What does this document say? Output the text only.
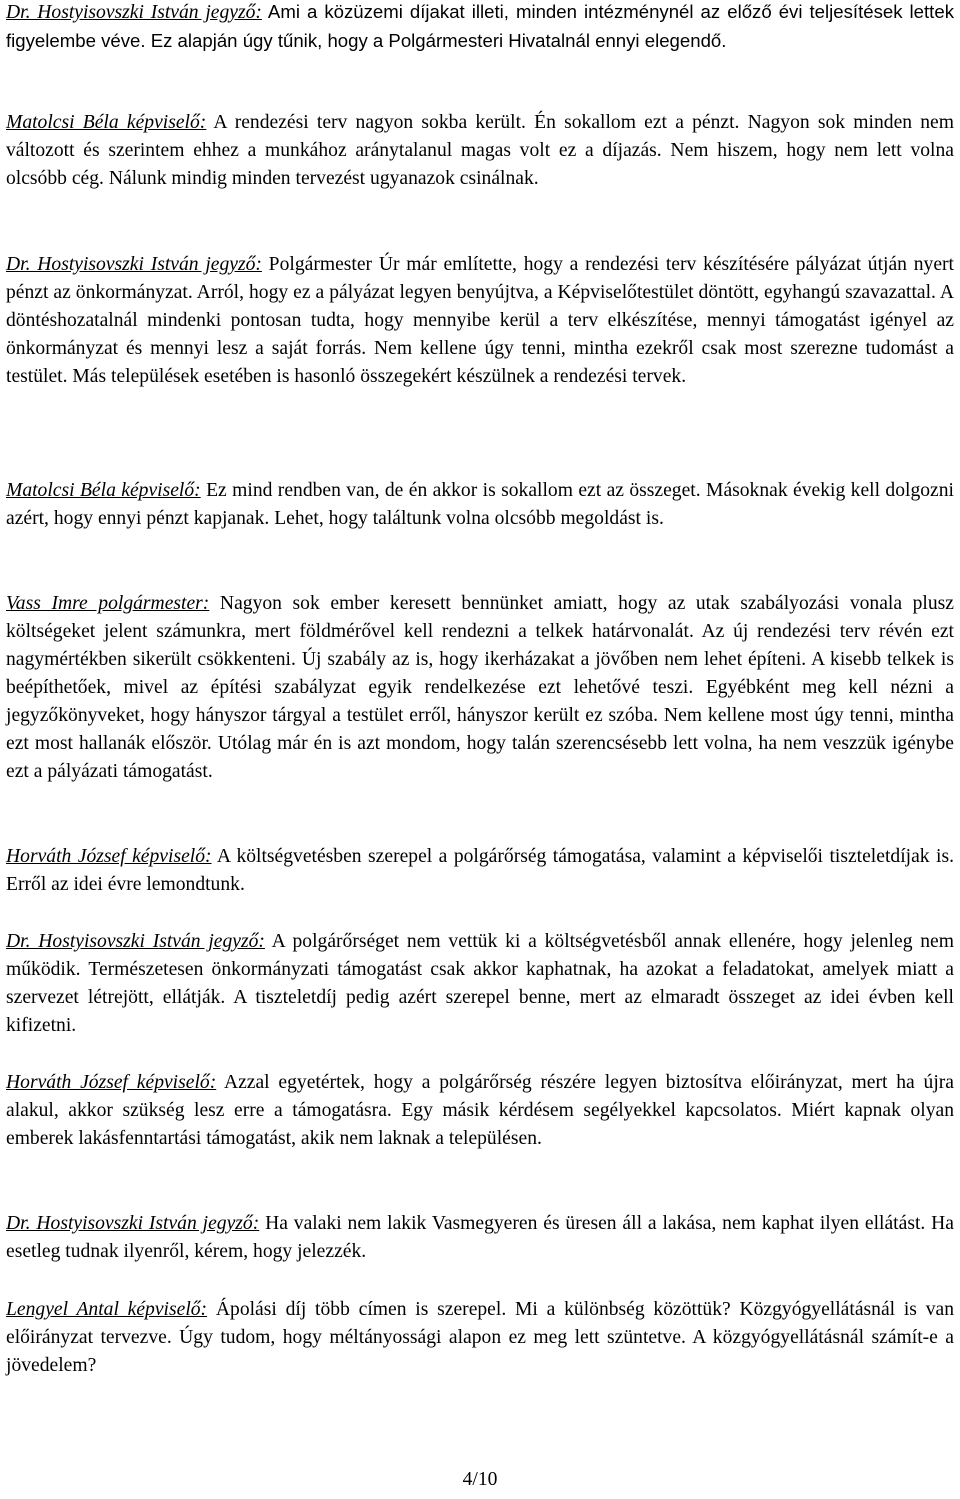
Dr. Hostyisovszki István jegyző: Ami a közüzemi díjakat illeti, minden intézménynél az előző évi teljesítések lettek figyelembe véve. Ez alapján úgy tűnik, hogy a Polgármesteri Hivatalnál ennyi elegendő.

Matolcsi Béla képviselő: A rendezési terv nagyon sokba került. Én sokallom ezt a pénzt. Nagyon sok minden nem változott és szerintem ehhez a munkához aránytalanul magas volt ez a díjazás. Nem hiszem, hogy nem lett volna olcsóbb cég. Nálunk mindig minden tervezést ugyanazok csinálnak.

Dr. Hostyisovszki István jegyző: Polgármester Úr már említette, hogy a rendezési terv készítésére pályázat útján nyert pénzt az önkormányzat. Arról, hogy ez a pályázat legyen benyújtva, a Képviselőtestület döntött, egyhangú szavazattal. A döntéshozatalnál mindenki pontosan tudta, hogy mennyibe kerül a terv elkészítése, mennyi támogatást igényel az önkormányzat és mennyi lesz a saját forrás. Nem kellene úgy tenni, mintha ezekről csak most szerezne tudomást a testület. Más települések esetében is hasonló összegekért készülnek a rendezési tervek.

Matolcsi Béla képviselő: Ez mind rendben van, de én akkor is sokallom ezt az összeget. Másoknak évekig kell dolgozni azért, hogy ennyi pénzt kapjanak. Lehet, hogy találtunk volna olcsóbb megoldást is.

Vass Imre polgármester: Nagyon sok ember keresett bennünket amiatt, hogy az utak szabályozási vonala plusz költségeket jelent számunkra, mert földmérővel kell rendezni a telkek határvonalát. Az új rendezési terv révén ezt nagymértékben sikerült csökkenteni. Új szabály az is, hogy ikerházakat a jövőben nem lehet építeni. A kisebb telkek is beépíthetőek, mivel az építési szabályzat egyik rendelkezése ezt lehetővé teszi. Egyébként meg kell nézni a jegyzőkönyveket, hogy hányszor tárgyal a testület erről, hányszor került ez szóba. Nem kellene most úgy tenni, mintha ezt most hallanák először. Utólag már én is azt mondom, hogy talán szerencsésebb lett volna, ha nem veszzük igénybe ezt a pályázati támogatást.

Horváth József képviselő: A költségvetésben szerepel a polgárőrség támogatása, valamint a képviselői tiszteletdíjak is. Erről az idei évre lemondtunk.

Dr. Hostyisovszki István jegyző: A polgárőrséget nem vettük ki a költségvetésből annak ellenére, hogy jelenleg nem működik. Természetesen önkormányzati támogatást csak akkor kaphatnak, ha azokat a feladatokat, amelyek miatt a szervezet létrejött, ellátják. A tiszteletdíj pedig azért szerepel benne, mert az elmaradt összeget az idei évben kell kifizetni.

Horváth József képviselő: Azzal egyetértek, hogy a polgárőrség részére legyen biztosítva előirányzat, mert ha újra alakul, akkor szükség lesz erre a támogatásra. Egy másik kérdésem segélyekkel kapcsolatos. Miért kapnak olyan emberek lakásfenntartási támogatást, akik nem laknak a településen.

Dr. Hostyisovszki István jegyző: Ha valaki nem lakik Vasmegyeren és üresen áll a lakása, nem kaphat ilyen ellátást. Ha esetleg tudnak ilyenről, kérem, hogy jelezzék.

Lengyel Antal képviselő: Ápolási díj több címen is szerepel. Mi a különbség közöttük? Közgyógyellátásnál is van előirányzat tervezve. Úgy tudom, hogy méltányossági alapon ez meg lett szüntetve. A közgyógyellátásnál számít-e a jövedelem?

4/10
